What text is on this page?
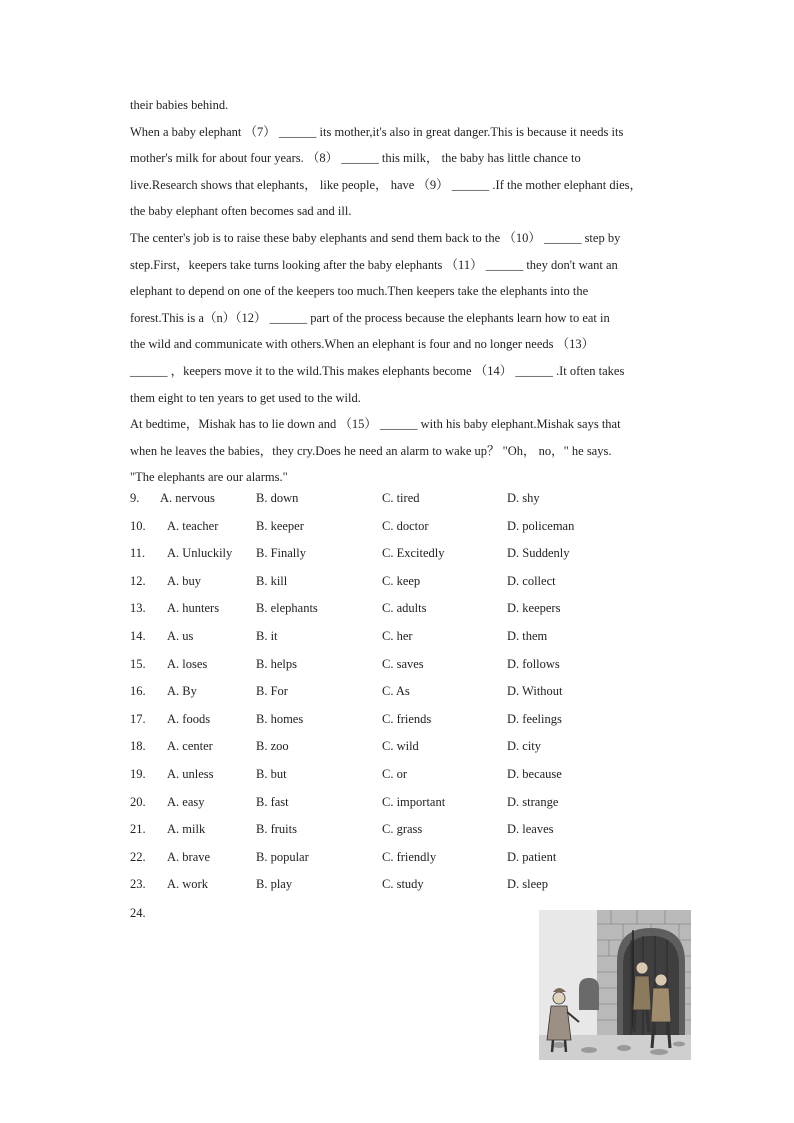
their babies behind.
When a baby elephant （7） ______ its mother,it's also in great danger.This is because it needs its
mother's milk for about four years. （8） ______ this milk， the baby has little chance to
live.Research shows that elephants， like people， have （9） ______ .If the mother elephant dies，
the baby elephant often becomes sad and ill.
The center's job is to raise these baby elephants and send them back to the （10） ______ step by
step.First，keepers take turns looking after the baby elephants （11） ______ they don't want an
elephant to depend on one of the keepers too much.Then keepers take the elephants into the
forest.This is a（n）（12） ______ part of the process because the elephants learn how to eat in
the wild and communicate with others.When an elephant is four and no longer needs （13）
______ ，keepers move it to the wild.This makes elephants become （14） ______ .It often takes
them eight to ten years to get used to the wild.
At bedtime，Mishak has to lie down and （15） ______ with his baby elephant.Mishak says that
when he leaves the babies，they cry.Does he need an alarm to wake up？ "Oh， no，" he says.
"The elephants are our alarms."
9. A. nervous	B. down	C. tired	D. shy
10. A. teacher	B. keeper	C. doctor	D. policeman
11. A. Unluckily B. Finally	C. Excitedly	D. Suddenly
12. A. buy	B. kill	C. keep	D. collect
13. A. hunters	B. elephants	C. adults	D. keepers
14. A. us	B. it	C. her	D. them
15. A. loses	B. helps	C. saves	D. follows
16. A. By	B. For	C. As	D. Without
17. A. foods	B. homes	C. friends	D. feelings
18. A. center	B. zoo	C. wild	D. city
19. A. unless	B. but	C. or	D. because
20. A. easy	B. fast	C. important	D. strange
21. A. milk	B. fruits	C. grass	D. leaves
22. A. brave	B. popular	C. friendly	D. patient
23. A. work	B. play	C. study	D. sleep
24.
